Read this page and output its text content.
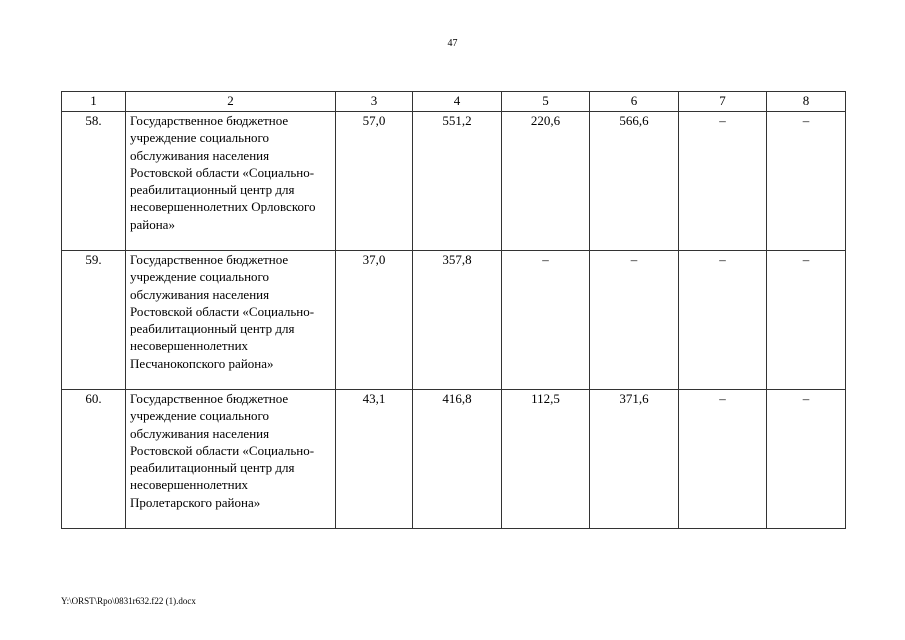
47
1	2	3	4	5	6	7	8
58.	Государственное бюджетное учреждение социального обслуживания населения Ростовской области «Социально-реабилитационный центр для несовершеннолетних Орловского района»	57,0	551,2	220,6	566,6	–	–
59.	Государственное бюджетное учреждение социального обслуживания населения Ростовской области «Социально-реабилитационный центр для несовершеннолетних Песчанокопского района»	37,0	357,8	–	–	–	–
60.	Государственное бюджетное учреждение социального обслуживания населения Ростовской области «Социально-реабилитационный центр для несовершеннолетних Пролетарского района»	43,1	416,8	112,5	371,6	–	–
Y:\ORST\Rpo\0831r632.f22 (1).docx
